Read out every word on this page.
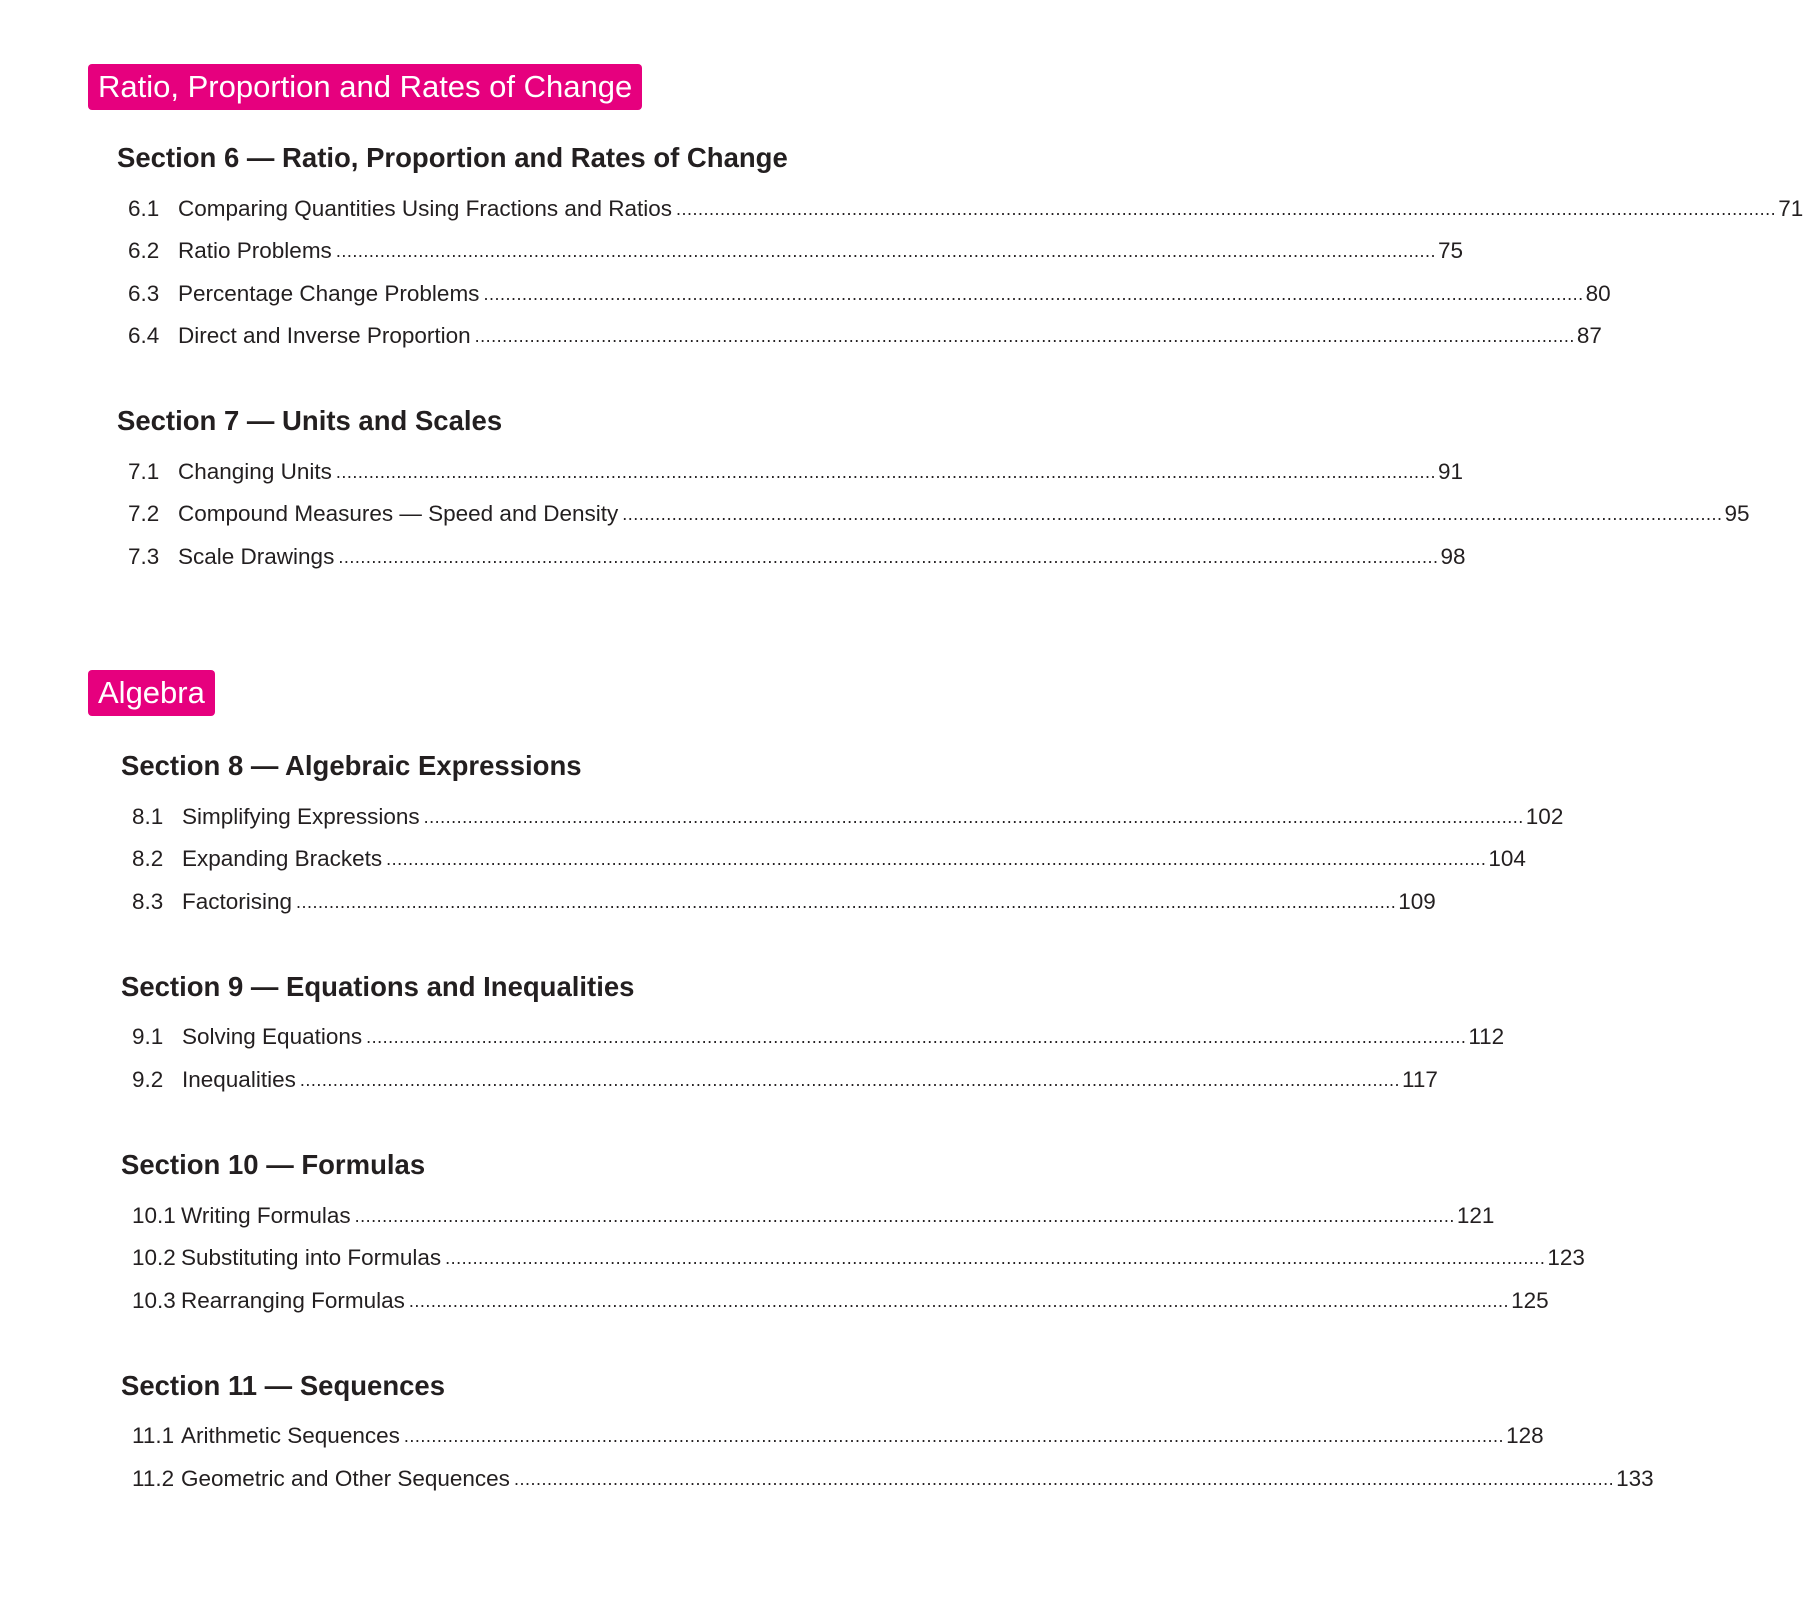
Ratio, Proportion and Rates of Change
Section 6 — Ratio, Proportion and Rates of Change
6.1 Comparing Quantities Using Fractions and Ratios ........................................................................................................................................................................................................ 71
6.2 Ratio Problems ........................................................................................................................................................................................................ 75
6.3 Percentage Change Problems ........................................................................................................................................................................................................ 80
6.4 Direct and Inverse Proportion ........................................................................................................................................................................................................ 87
Section 7 — Units and Scales
7.1 Changing Units ........................................................................................................................................................................................................ 91
7.2 Compound Measures — Speed and Density ........................................................................................................................................................................................................ 95
7.3 Scale Drawings ........................................................................................................................................................................................................ 98
Algebra
Section 8 — Algebraic Expressions
8.1 Simplifying Expressions ........................................................................................................................................................................................................ 102
8.2 Expanding Brackets ........................................................................................................................................................................................................ 104
8.3 Factorising ........................................................................................................................................................................................................ 109
Section 9 — Equations and Inequalities
9.1 Solving Equations ........................................................................................................................................................................................................ 112
9.2 Inequalities ........................................................................................................................................................................................................ 117
Section 10 — Formulas
10.1 Writing Formulas ........................................................................................................................................................................................................ 121
10.2 Substituting into Formulas ........................................................................................................................................................................................................ 123
10.3 Rearranging Formulas ........................................................................................................................................................................................................ 125
Section 11 — Sequences
11.1 Arithmetic Sequences ........................................................................................................................................................................................................ 128
11.2 Geometric and Other Sequences ........................................................................................................................................................................................................ 133
